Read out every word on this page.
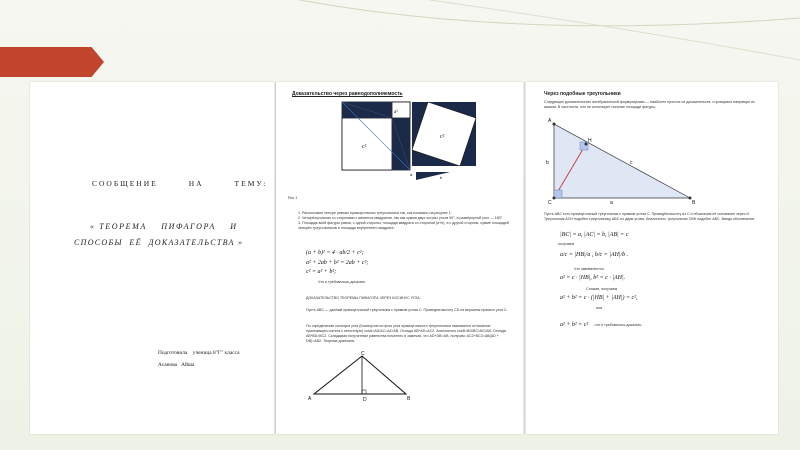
СООБЩЕНИЕ        НА        ТЕМУ:
« ТЕОРЕМА    ПИФАГОРА    И
СПОСОБЫ  ЕЁ  ДОКАЗАТЕЛЬСТВА »
Подготовила    ученица 8"Г" класса
Асанова   Айша
Доказательство через равнодополняемость
c²
a²
c²
a
b
Рис 1
1. Расположим четыре равных прямоугольных треугольника так, как показано на рисунке 1.
2. Четырёхугольник со сторонами c является квадратом, так как сумма двух острых углов 90°, а развёрнутый угол — 180°.
3. Площадь всей фигуры равна, с одной стороны, площади квадрата со стороной (a+b), а с другой стороны, сумме площадей четырёх треугольников и площади внутреннего квадрата.
(a + b)² = 4 · ab/2 + c²;
a² + 2ab + b² = 2ab + c²;
c² = a² + b²;
Что и требовалось доказать.
ДОКАЗАТЕЛЬСТВО ТЕОРЕМЫ ПИФАГОРА ЧЕРЕЗ КОСИНУС УГЛА:
Пусть ABC — данный прямоугольный треугольник с прямым углом C. Проведем высоту CD из вершины прямого угла C.
По определению косинуса угла (Косинусом острого угла прямоугольного треугольника называется отношение прилежащего катета к гипотенузе) cosA=AD/AC=AC/AB. Отсюда AB*AD=AC2. Аналогично cosB=BD/BC=BC/AB. Отсюда AB*BD=BC2. Складывая полученные равенства почленно и замечая, что AD+DB=AB, получим: AC2+BC2=AB(AD + DB)=AB2. Теорема доказана.
A	B
C
D
Через подобные треугольники
Следующее доказательство алгебраической формулировки — наиболее простое из доказательств, строящихся напрямую из аксиом. В частности, оно не использует понятие площади фигуры.
A
H
b	c
a
C	B
Пусть ABC есть прямоугольный треугольник с прямым углом C. Проведём высоту из C и обозначим её основание через H. Треугольник ACH подобен треугольнику ABC по двум углам. Аналогично, треугольник CBH подобен ABC. Введя обозначения
|BC| = a, |AC| = b, |AB| = c
получаем
a/c = |HB|/a , b/c = |AH|/b .
Что эквивалентно
a² = c · |HB|, b² = c · |AH|.
Сложив, получаем
a² + b² = c · (|HB| + |AH|) = c²,
или
a² + b² = c² , что и требовалось доказать.
